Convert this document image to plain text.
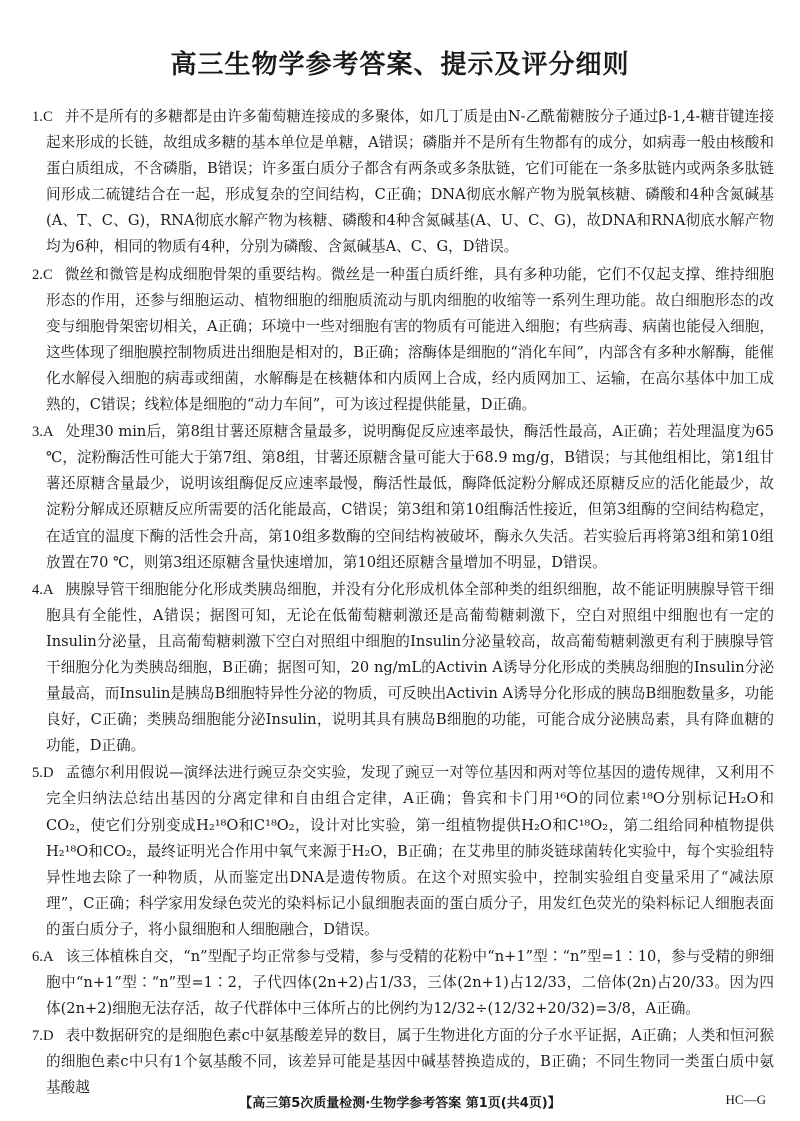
高三生物学参考答案、提示及评分细则
1.C 并不是所有的多糖都是由许多葡萄糖连接成的多聚体，如几丁质是由N-乙酰葡糖胺分子通过β-1,4-糖苷键连接起来形成的长链，故组成多糖的基本单位是单糖，A错误；磷脂并不是所有生物都有的成分，如病毒一般由核酸和蛋白质组成，不含磷脂，B错误；许多蛋白质分子都含有两条或多条肽链，它们可能在一条多肽链内或两条多肽链间形成二硫键结合在一起，形成复杂的空间结构，C正确；DNA彻底水解产物为脱氧核糖、磷酸和4种含氮碱基(A、T、C、G)，RNA彻底水解产物为核糖、磷酸和4种含氮碱基(A、U、C、G)，故DNA和RNA彻底水解产物均为6种，相同的物质有4种，分别为磷酸、含氮碱基A、C、G，D错误。
2.C 微丝和微管是构成细胞骨架的重要结构。微丝是一种蛋白质纤维，具有多种功能，它们不仅起支撑、维持细胞形态的作用，还参与细胞运动、植物细胞的细胞质流动与肌肉细胞的收缩等一系列生理功能。故白细胞形态的改变与细胞骨架密切相关，A正确；环境中一些对细胞有害的物质有可能进入细胞；有些病毒、病菌也能侵入细胞，这些体现了细胞膜控制物质进出细胞是相对的，B正确；溶酶体是细胞的“消化车间”，内部含有多种水解酶，能催化水解侵入细胞的病毒或细菌，水解酶是在核糖体和内质网上合成，经内质网加工、运输，在高尔基体中加工成熟的，C错误；线粒体是细胞的“动力车间”，可为该过程提供能量，D正确。
3.A 处理30 min后，第8组甘薯还原糖含量最多，说明酶促反应速率最快，酶活性最高，A正确；若处理温度为65 ℃，淀粉酶活性可能大于第7组、第8组，甘薯还原糖含量可能大于68.9 mg/g，B错误；与其他组相比，第1组甘薯还原糖含量最少，说明该组酶促反应速率最慢，酶活性最低，酶降低淀粉分解成还原糖反应的活化能最少，故淀粉分解成还原糖反应所需要的活化能最高，C错误；第3组和第10组酶活性接近，但第3组酶的空间结构稳定，在适宜的温度下酶的活性会升高，第10组多数酶的空间结构被破坏，酶永久失活。若实验后再将第3组和第10组放置在70 ℃，则第3组还原糖含量快速增加，第10组还原糖含量增加不明显，D错误。
4.A 胰腺导管干细胞能分化形成类胰岛细胞，并没有分化形成机体全部种类的组织细胞，故不能证明胰腺导管干细胞具有全能性，A错误；据图可知，无论在低葡萄糖刺激还是高葡萄糖刺激下，空白对照组中细胞也有一定的Insulin分泌量，且高葡萄糖刺激下空白对照组中细胞的Insulin分泌量较高，故高葡萄糖刺激更有利于胰腺导管干细胞分化为类胰岛细胞，B正确；据图可知，20 ng/mL的Activin A诱导分化形成的类胰岛细胞的Insulin分泌量最高，而Insulin是胰岛B细胞特异性分泌的物质，可反映出Activin A诱导分化形成的胰岛B细胞数量多，功能良好，C正确；类胰岛细胞能分泌Insulin，说明其具有胰岛B细胞的功能，可能合成分泌胰岛素，具有降血糖的功能，D正确。
5.D 孟德尔利用假说—演绎法进行豌豆杂交实验，发现了豌豆一对等位基因和两对等位基因的遗传规律，又利用不完全归纳法总结出基因的分离定律和自由组合定律，A正确；鲁宾和卡门用¹⁶O的同位素¹⁸O分别标记H₂O和CO₂，使它们分别变成H₂¹⁸O和C¹⁸O₂，设计对比实验，第一组植物提供H₂O和C¹⁸O₂，第二组给同种植物提供H₂¹⁸O和CO₂，最终证明光合作用中氧气来源于H₂O，B正确；在艾弗里的肺炎链球菌转化实验中，每个实验组特异性地去除了一种物质，从而鉴定出DNA是遗传物质。在这个对照实验中，控制实验组自变量采用了“减法原理”，C正确；科学家用发绿色荧光的染料标记小鼠细胞表面的蛋白质分子，用发红色荧光的染料标记人细胞表面的蛋白质分子，将小鼠细胞和人细胞融合，D错误。
6.A 该三体植株自交，“n”型配子均正常参与受精，参与受精的花粉中“n+1”型∶“n”型=1∶10，参与受精的卵细胞中“n+1”型∶“n”型=1∶2，子代四体(2n+2)占1/33，三体(2n+1)占12/33，二倍体(2n)占20/33。因为四体(2n+2)细胞无法存活，故子代群体中三体所占的比例约为12/32÷(12/32+20/32)=3/8，A正确。
7.D 表中数据研究的是细胞色素c中氨基酸差异的数目，属于生物进化方面的分子水平证据，A正确；人类和恒河猴的细胞色素c中只有1个氨基酸不同，该差异可能是基因中碱基替换造成的，B正确；不同生物同一类蛋白质中氨基酸越
【高三第5次质量检测·生物学参考答案 第1页(共4页)】	HC—G
